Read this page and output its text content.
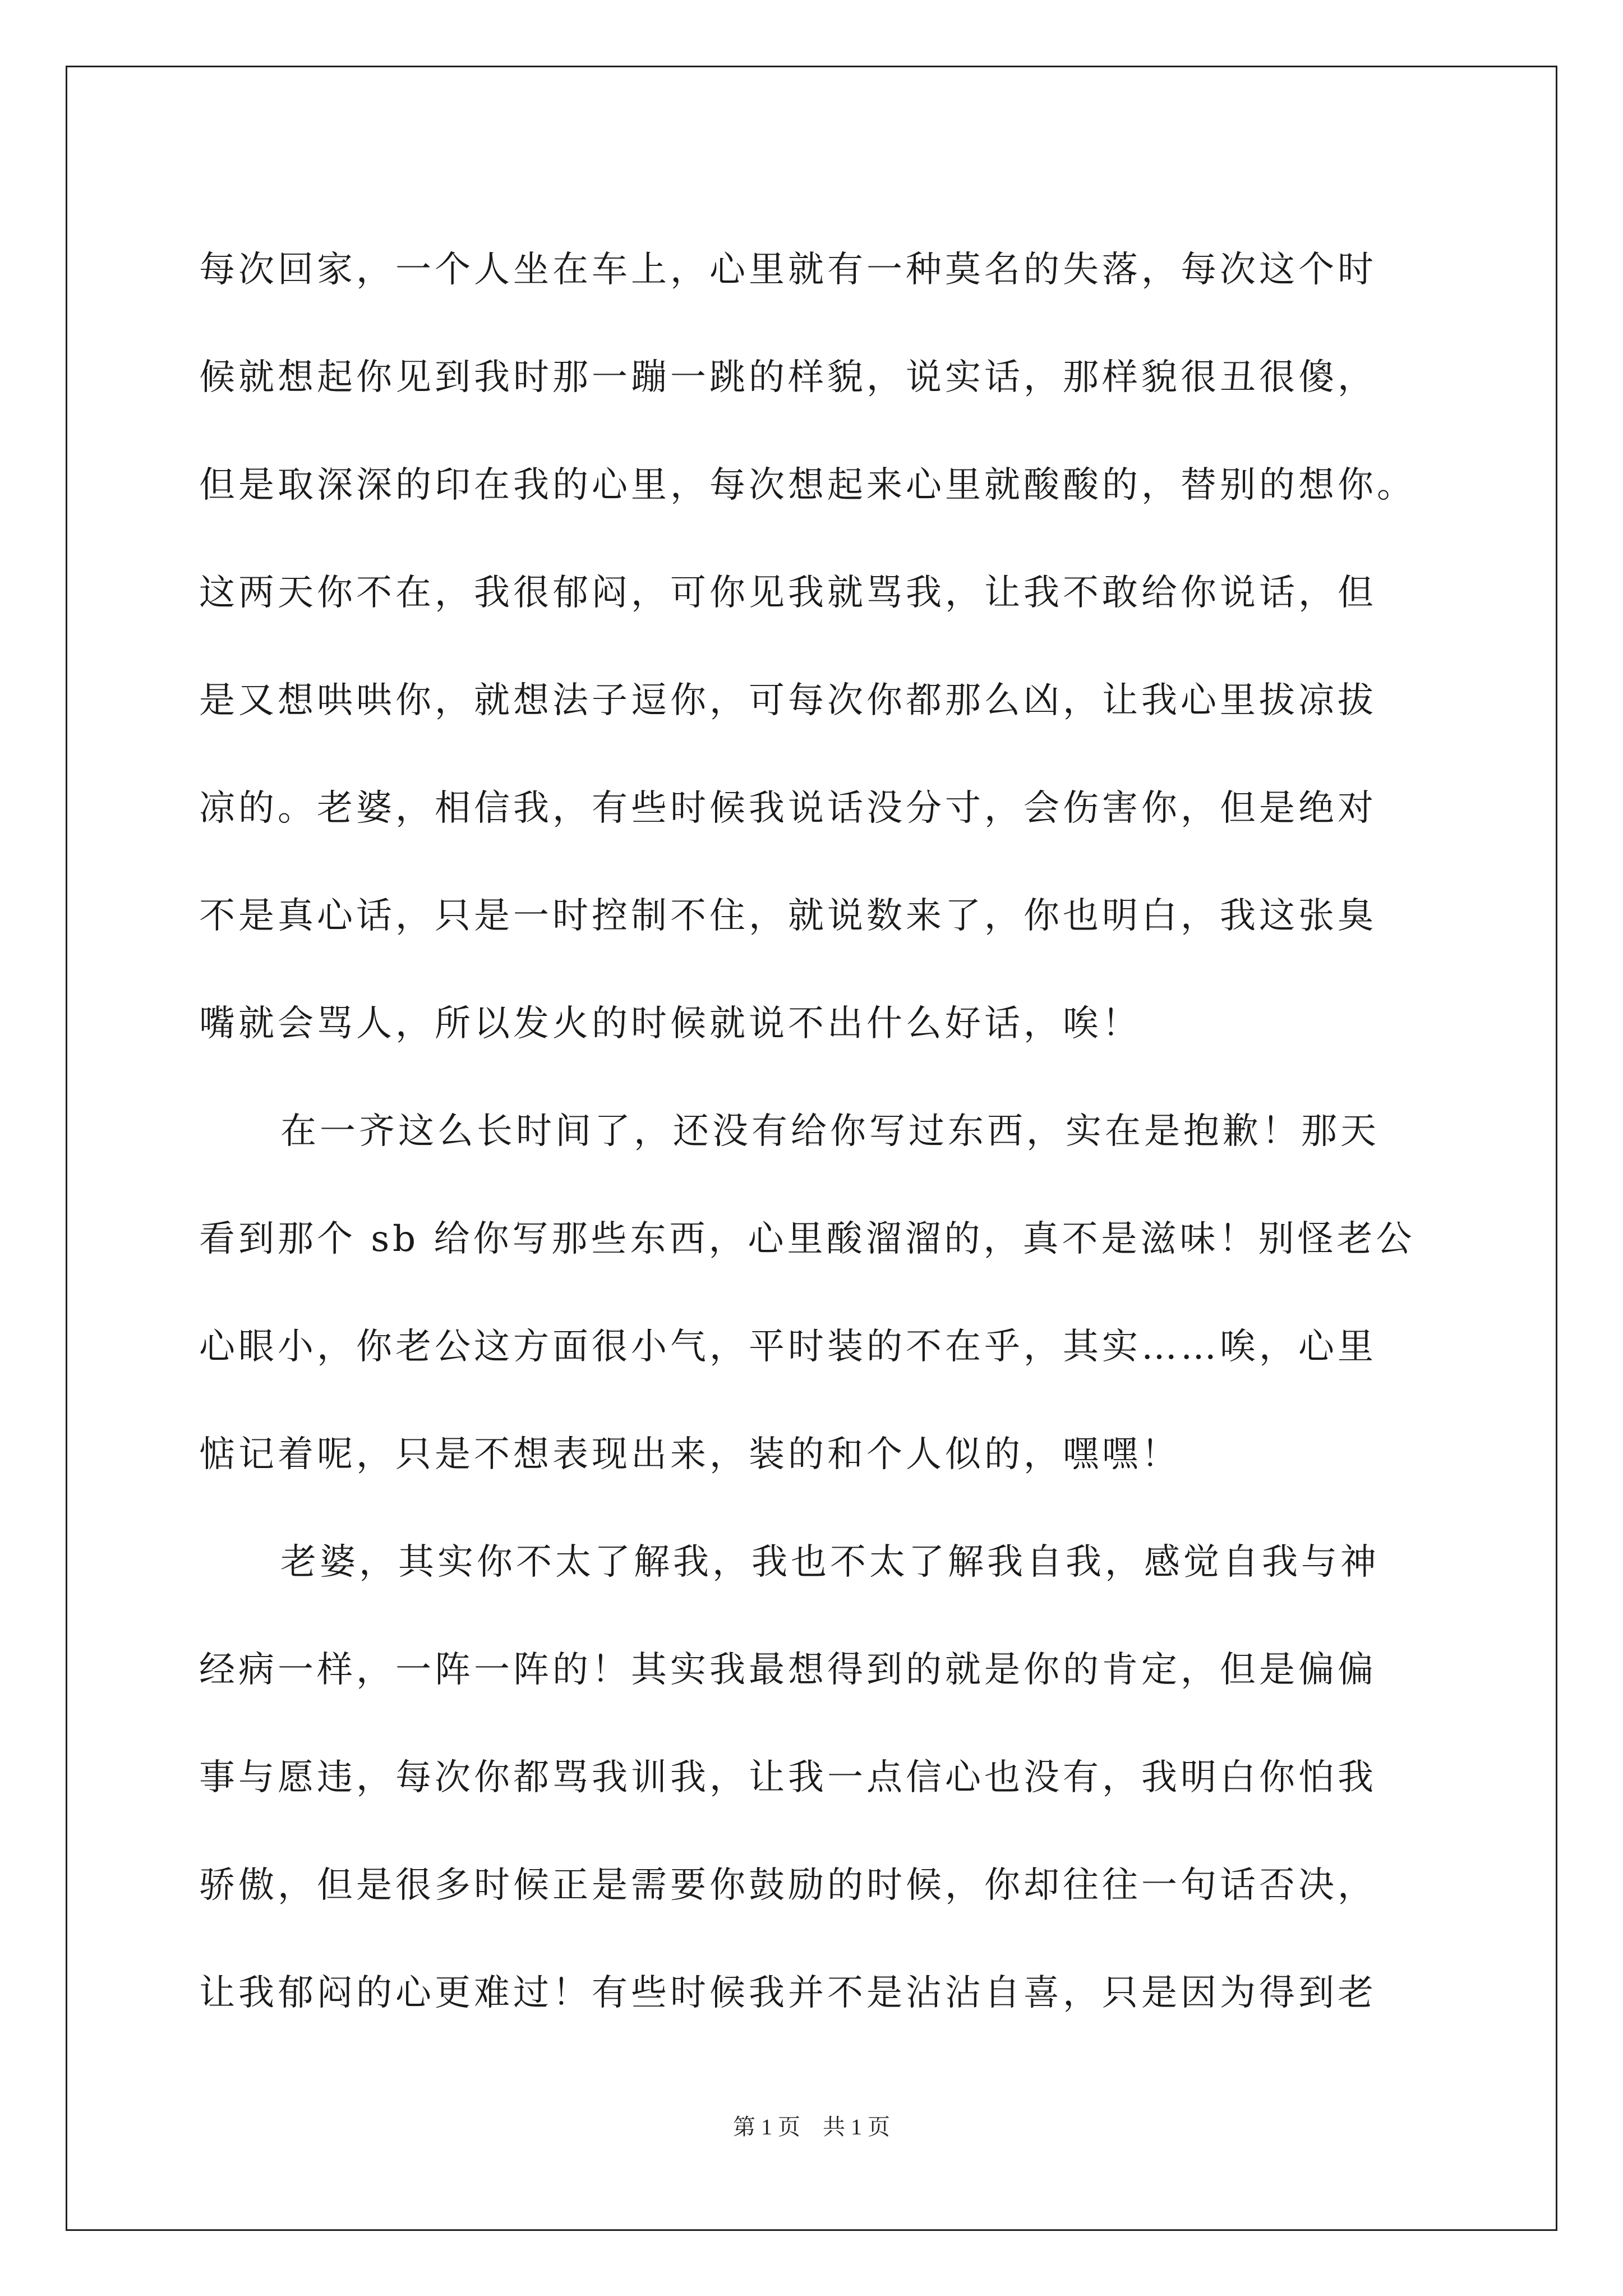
每次回家，一个人坐在车上，心里就有一种莫名的失落，每次这个时
候就想起你见到我时那一蹦一跳的样貌，说实话，那样貌很丑很傻，
但是取深深的印在我的心里，每次想起来心里就酸酸的，替别的想你。
这两天你不在，我很郁闷，可你见我就骂我，让我不敢给你说话，但
是又想哄哄你，就想法子逗你，可每次你都那么凶，让我心里拔凉拔
凉的。老婆，相信我，有些时候我说话没分寸，会伤害你，但是绝对
不是真心话，只是一时控制不住，就说数来了，你也明白，我这张臭
嘴就会骂人，所以发火的时候就说不出什么好话，唉！
在一齐这么长时间了，还没有给你写过东西，实在是抱歉！那天
看到那个 sb 给你写那些东西，心里酸溜溜的，真不是滋味！别怪老公
心眼小，你老公这方面很小气，平时装的不在乎，其实……唉，心里
惦记着呢，只是不想表现出来，装的和个人似的，嘿嘿！
老婆，其实你不太了解我，我也不太了解我自我，感觉自我与神
经病一样，一阵一阵的！其实我最想得到的就是你的肯定，但是偏偏
事与愿违，每次你都骂我训我，让我一点信心也没有，我明白你怕我
骄傲，但是很多时候正是需要你鼓励的时候，你却往往一句话否决，
让我郁闷的心更难过！有些时候我并不是沾沾自喜，只是因为得到老
第 1 页　共 1 页
